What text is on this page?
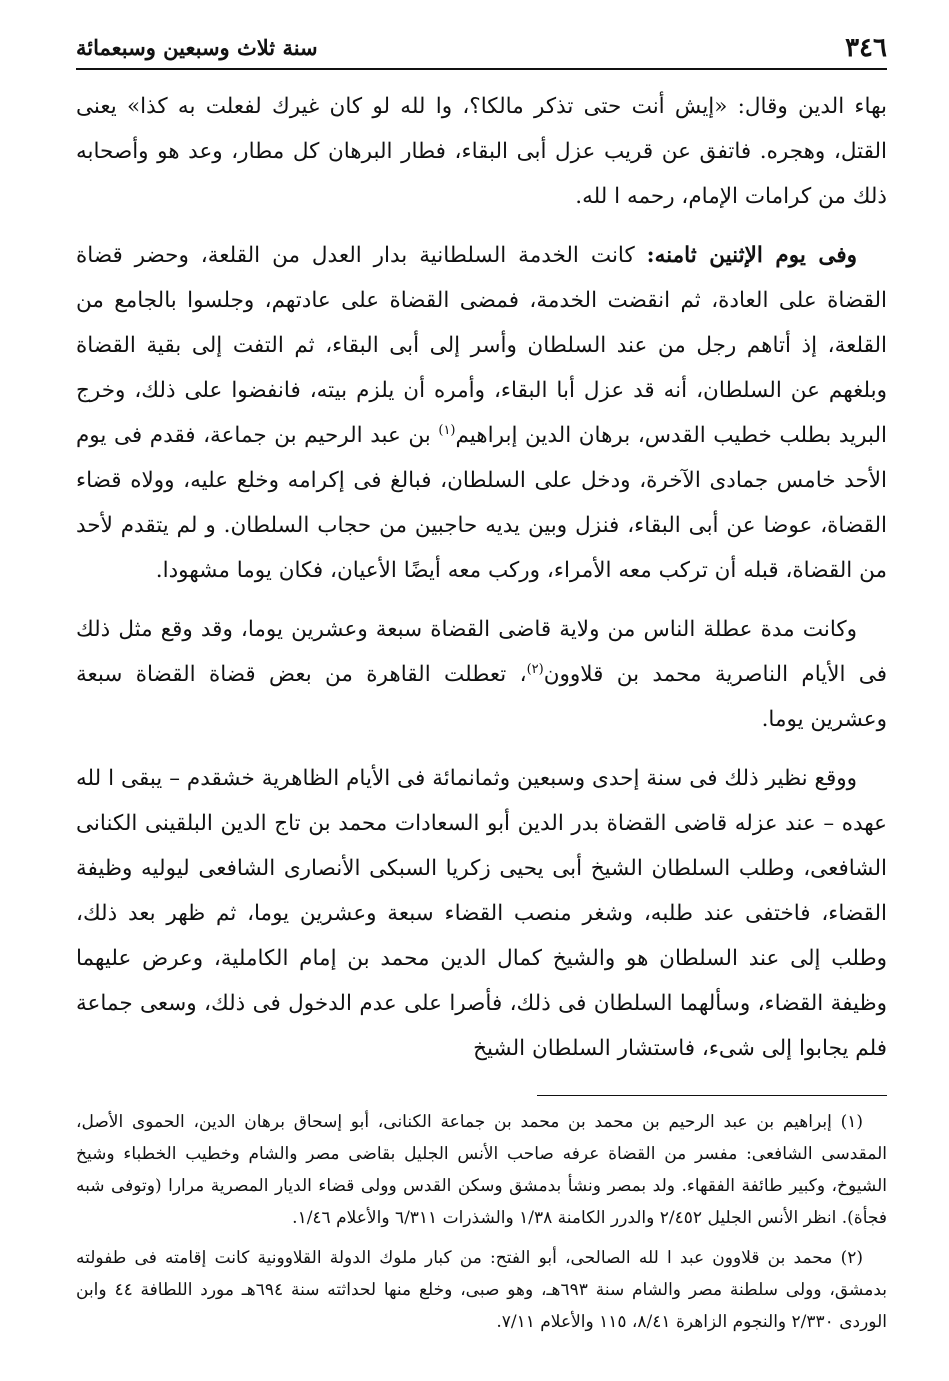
٣٤٦
سنة ثلاث وسبعين وسبعمائة

بهاء الدين وقال: «إيش أنت حتى تذكر مالكا؟، وا لله لو كان غيرك لفعلت به كذا» يعنى القتل، وهجره. فاتفق عن قريب عزل أبى البقاء، فطار البرهان كل مطار، وعد هو وأصحابه ذلك من كرامات الإمام، رحمه ا لله.

وفى يوم الإثنين ثامنه: كانت الخدمة السلطانية بدار العدل من القلعة، وحضر قضاة القضاة على العادة، ثم انقضت الخدمة، فمضى القضاة على عادتهم، وجلسوا بالجامع من القلعة، إذ أتاهم رجل من عند السلطان وأسر إلى أبى البقاء، ثم التفت إلى بقية القضاة وبلغهم عن السلطان، أنه قد عزل أبا البقاء، وأمره أن يلزم بيته، فانفضوا على ذلك، وخرج البريد بطلب خطيب القدس، برهان الدين إبراهيم$^{(١)}$ بن عبد الرحيم بن جماعة، فقدم فى يوم الأحد خامس جمادى الآخرة، ودخل على السلطان، فبالغ فى إكرامه وخلع عليه، وولاه قضاء القضاة، عوضا عن أبى البقاء، فنزل وبين يديه حاجبين من حجاب السلطان. و لم يتقدم لأحد من القضاة، قبله أن تركب معه الأمراء، وركب معه أيضًا الأعيان، فكان يوما مشهودا.

وكانت مدة عطلة الناس من ولاية قاضى القضاة سبعة وعشرين يوما، وقد وقع مثل ذلك فى الأيام الناصرية محمد بن قلاوون$^{(٢)}$، تعطلت القاهرة من بعض قضاة القضاة سبعة وعشرين يوما.

ووقع نظير ذلك فى سنة إحدى وسبعين وثمانمائة فى الأيام الظاهرية خشقدم – يبقى ا لله عهده – عند عزله قاضى القضاة بدر الدين أبو السعادات محمد بن تاج الدين البلقينى الكنانى الشافعى، وطلب السلطان الشيخ أبى يحيى زكريا السبكى الأنصارى الشافعى ليوليه وظيفة القضاء، فاختفى عند طلبه، وشغر منصب القضاء سبعة وعشرين يوما، ثم ظهر بعد ذلك، وطلب إلى عند السلطان هو والشيخ كمال الدين محمد بن إمام الكاملية، وعرض عليهما وظيفة القضاء، وسألهما السلطان فى ذلك، فأصرا على عدم الدخول فى ذلك، وسعى جماعة فلم يجابوا إلى شىء، فاستشار السلطان الشيخ

(١) إبراهيم بن عبد الرحيم بن محمد بن محمد بن جماعة الكنانى، أبو إسحاق برهان الدين، الحموى الأصل، المقدسى الشافعى: مفسر من القضاة عرفه صاحب الأنس الجليل بقاضى مصر والشام وخطيب الخطباء وشيخ الشيوخ، وكبير طائفة الفقهاء. ولد بمصر ونشأ بدمشق وسكن القدس وولى قضاء الديار المصرية مرارا (وتوفى شبه فجأة). انظر الأنس الجليل ٢/٤٥٢ والدرر الكامنة ١/٣٨ والشذرات ٦/٣١١ والأعلام ١/٤٦.

(٢) محمد بن قلاوون عبد ا لله الصالحى، أبو الفتح: من كبار ملوك الدولة القلاوونية كانت إقامته فى طفولته بدمشق، وولى سلطنة مصر والشام سنة ٦٩٣هـ، وهو صبى، وخلع منها لحداثته سنة ٦٩٤هـ مورد اللطافة ٤٤ وابن الوردى ٢/٣٣٠ والنجوم الزاهرة ٨/٤١، ١١٥ والأعلام ٧/١١.
